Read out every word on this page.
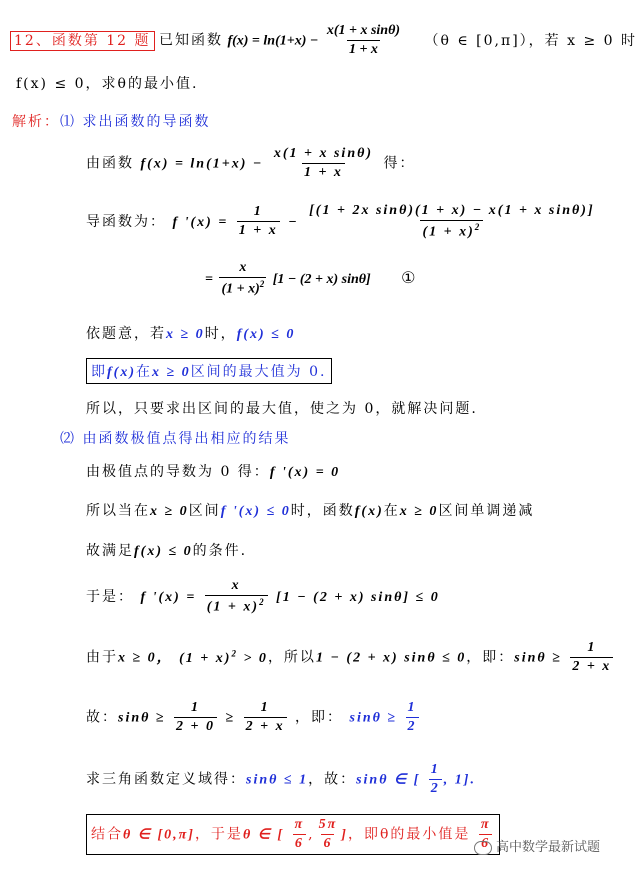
12、函数第 12 题 已知函数 $f(x) = \ln(1+x) - \frac{\text{x(1 + x sinθ)}}{1 + x} (\theta$ ∈ [0,π]），若 x ≥ 0 时
f(x) ≤ 0，求θ的最小值.
解析：⑴ 求出函数的导函数
由函数 $f(x) = \ln(1+x) - \frac{\text{x(1 + x sinθ)}}{1 + x}$ 得：
导函数为： f '$(x) = \frac{1}{1 + x} - \frac{\text{[(1 + 2x sinθ)(1 + x) − x(1 + x sinθ)]}}{(1 + x)^2}$
= $\frac{x}{(1 + x)^2} [1 - (2 + x)$ sinθ] ①
依题意，若x ≥ 0时，f(x) ≤ 0
即f(x)在x ≥ 0区间的最大值为 0.
所以，只要求出区间的最大值，使之为 0，就解决问题.
⑵ 由函数极值点得出相应的结果
由极值点的导数为 0 得：f '(x) = 0
所以当在x ≥ 0区间f '(x) ≤ 0时，函数f(x)在x ≥ 0区间单调递减
故满足f(x) ≤ 0的条件.
于是： f '$(x) = \frac{x}{(1 + x)^2} [1 - (2 + x) \sin\theta] \le 0$
由于x ≥ 0， $(1 + x)^2 > 0$，所以1 − (2 + x) sinθ ≤ 0，即：$\sin\theta \ge \frac{1}{2 + x}$
故：$\sin\theta \ge \frac{1}{2 + 0} \ge \frac{1}{2 + x}$ ，即： $\sin\theta \ge \frac{1}{2}$
求三角函数定义域得：sinθ ≤ 1，故：sinθ ∈ [ $\frac{1}{2}$ , 1].
结合θ ∈ [0,π]，于是θ ∈ [ $\frac{\pi}{6}$ , $\frac{5\pi}{6}$ ]，即θ的最小值是 $\frac{\pi}{6}$ 高中数学最新试题
